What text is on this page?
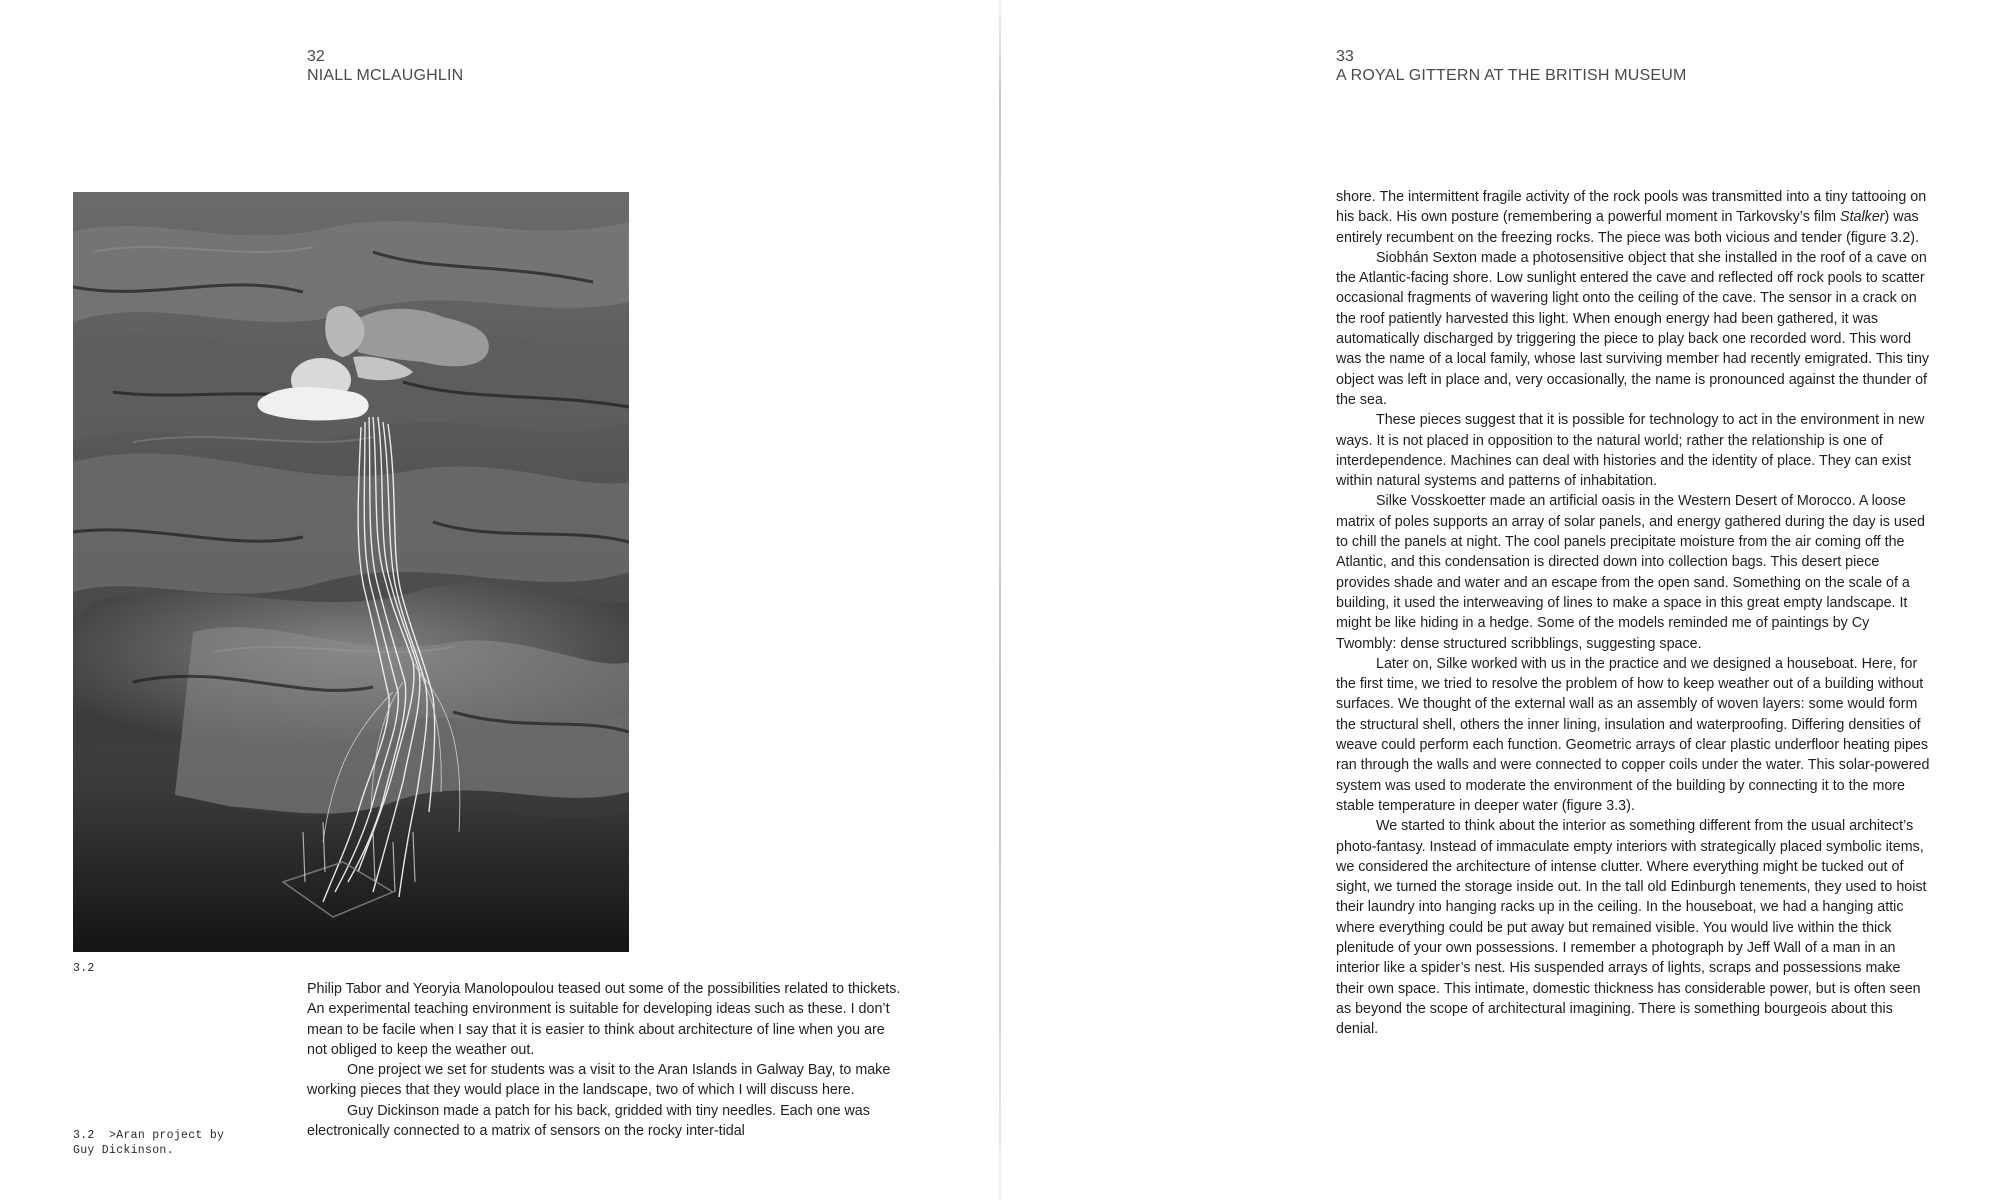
32
NIALL MCLAUGHLIN
3.2
3.2 >Aran project by
Guy Dickinson.

Philip Tabor and Yeoryia Manolopoulou teased out some of the possibilities related to thickets. An experimental teaching environment is suitable for developing ideas such as these. I don’t mean to be facile when I say that it is easier to think about architecture of line when you are not obliged to keep the weather out.

One project we set for students was a visit to the Aran Islands in Galway Bay, to make working pieces that they would place in the landscape, two of which I will discuss here.

Guy Dickinson made a patch for his back, gridded with tiny needles. Each one was electronically connected to a matrix of sensors on the rocky inter-tidal

33
A ROYAL GITTERN AT THE BRITISH MUSEUM

shore. The intermittent fragile activity of the rock pools was transmitted into a tiny tattooing on his back. His own posture (remembering a powerful moment in Tarkovsky’s film Stalker) was entirely recumbent on the freezing rocks. The piece was both vicious and tender (figure 3.2).

Siobhán Sexton made a photosensitive object that she installed in the roof of a cave on the Atlantic-facing shore. Low sunlight entered the cave and reflected off rock pools to scatter occasional fragments of wavering light onto the ceiling of the cave. The sensor in a crack on the roof patiently harvested this light. When enough energy had been gathered, it was automatically discharged by triggering the piece to play back one recorded word. This word was the name of a local family, whose last surviving member had recently emigrated. This tiny object was left in place and, very occasionally, the name is pronounced against the thunder of the sea.

These pieces suggest that it is possible for technology to act in the environment in new ways. It is not placed in opposition to the natural world; rather the relationship is one of interdependence. Machines can deal with histories and the identity of place. They can exist within natural systems and patterns of inhabitation.

Silke Vosskoetter made an artificial oasis in the Western Desert of Morocco. A loose matrix of poles supports an array of solar panels, and energy gathered during the day is used to chill the panels at night. The cool panels precipitate moisture from the air coming off the Atlantic, and this condensation is directed down into collection bags. This desert piece provides shade and water and an escape from the open sand. Something on the scale of a building, it used the interweaving of lines to make a space in this great empty landscape. It might be like hiding in a hedge. Some of the models reminded me of paintings by Cy Twombly: dense structured scribblings, suggesting space.

Later on, Silke worked with us in the practice and we designed a houseboat. Here, for the first time, we tried to resolve the problem of how to keep weather out of a building without surfaces. We thought of the external wall as an assembly of woven layers: some would form the structural shell, others the inner lining, insulation and waterproofing. Differing densities of weave could perform each function. Geometric arrays of clear plastic underfloor heating pipes ran through the walls and were connected to copper coils under the water. This solar-powered system was used to moderate the environment of the building by connecting it to the more stable temperature in deeper water (figure 3.3).

We started to think about the interior as something different from the usual architect’s photo-fantasy. Instead of immaculate empty interiors with strategically placed symbolic items, we considered the architecture of intense clutter. Where everything might be tucked out of sight, we turned the storage inside out. In the tall old Edinburgh tenements, they used to hoist their laundry into hanging racks up in the ceiling. In the houseboat, we had a hanging attic where everything could be put away but remained visible. You would live within the thick plenitude of your own possessions. I remember a photograph by Jeff Wall of a man in an interior like a spider’s nest. His suspended arrays of lights, scraps and possessions make their own space. This intimate, domestic thickness has considerable power, but is often seen as beyond the scope of architectural imagining. There is something bourgeois about this denial.
